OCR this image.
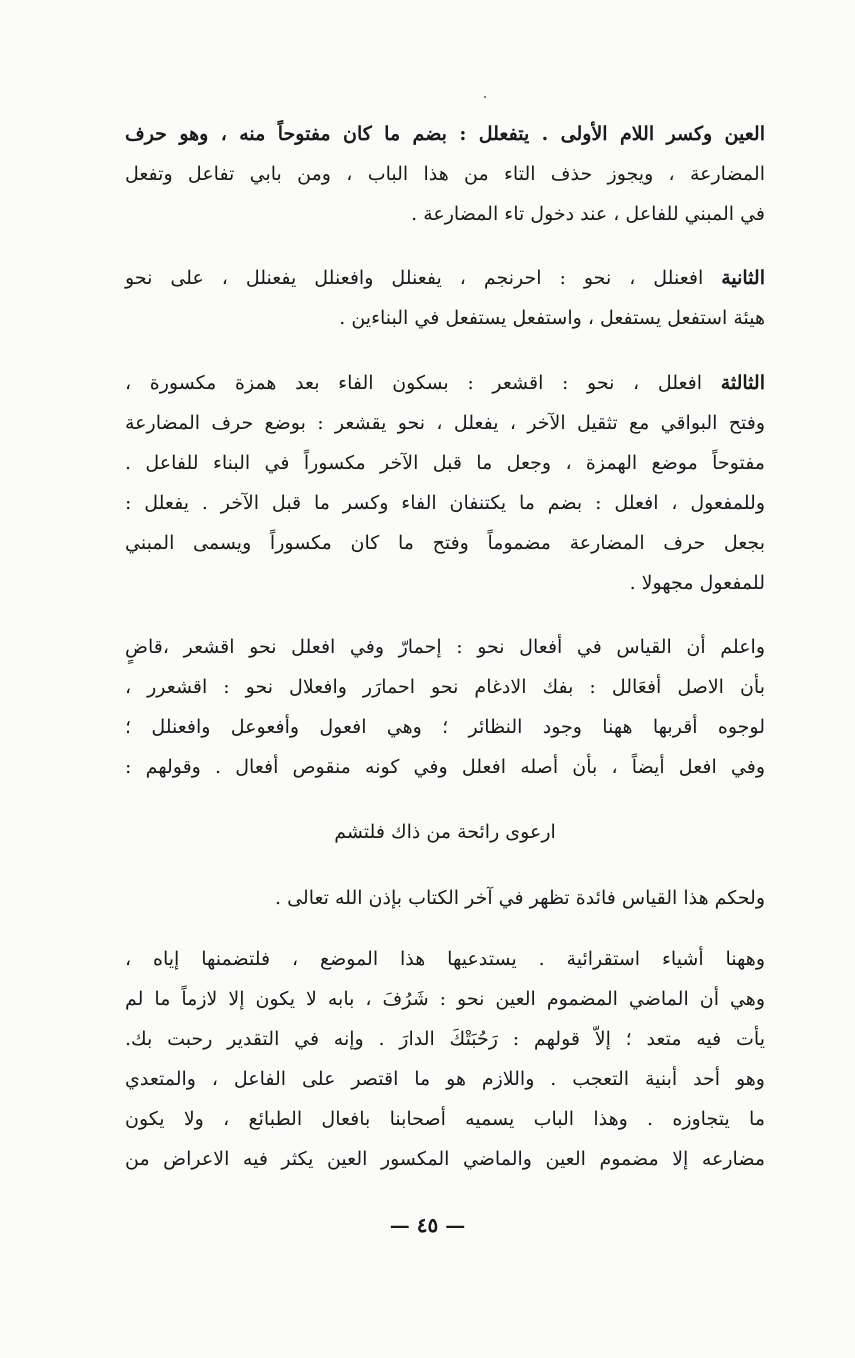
العين وكسر اللام الأولى . يتفعلل : بضم ما كان مفتوحاً منه ، وهو حرف
المضارعة ، ويجوز حذف التاء من هذا الباب ، ومن بابي تفاعل وتفعل
في المبني للفاعل ، عند دخول تاء المضارعة .
الثانية افعنلل ، نحو : احرنجم ، يفعنلل وافعنلل يفعنلل ، على نحو
هيئة استفعل يستفعل ، واستفعل يستفعل في البناءين .
الثالثة افعلل ، نحو : اقشعر : بسكون الفاء بعد همزة مكسورة ،
وفتح البواقي مع تثقيل الآخر ، يفعلل ، نحو يقشعر : بوضع حرف المضارعة
مفتوحاً موضع الهمزة ، وجعل ما قبل الآخر مكسوراً في البناء للفاعل .
وللمفعول ، افعلل : بضم ما يكتنفان الفاء وكسر ما قبل الآخر . يفعلل :
بجعل حرف المضارعة مضموماً وفتح ما كان مكسوراً ويسمى المبني
للمفعول مجهولا .
واعلم أن القياس في أفعال نحو : إحمارّ وفي افعلل نحو اقشعر ،قاضٍ
بأن الاصل أفعَالل : بفك الادغام نحو احمارَر وافعلال نحو : اقشعرر ،
لوجوه أقربها ههنا وجود النظائر ؛ وهي افعول وأفعوعل وافعنلل ؛
وفي افعل أيضاً ، بأن أصله افعلل وفي كونه منقوص أفعال . وقولهم :
ارعوى رائحة من ذاك فلتشم
ولحكم هذا القياس فائدة تظهر في آخر الكتاب بإذن الله تعالى .
وههنا أشياء استقرائية . يستدعيها هذا الموضع ، فلتضمنها إياه ،
وهي أن الماضي المضموم العين نحو : شَرُفَ ، بابه لا يكون إلا لازماً ما لم
يأت فيه متعد ؛ إلاّ قولهم : رَحُبَتْكَ الدارَ . وإنه في التقدير رحبت بك.
وهو أحد أبنية التعجب . واللازم هو ما اقتصر على الفاعل ، والمتعدي
ما يتجاوزه . وهذا الباب يسميه أصحابنا بافعال الطبائع ، ولا يكون
مضارعه إلا مضموم العين والماضي المكسور العين يكثر فيه الاعراض من
— ٤٥ —
